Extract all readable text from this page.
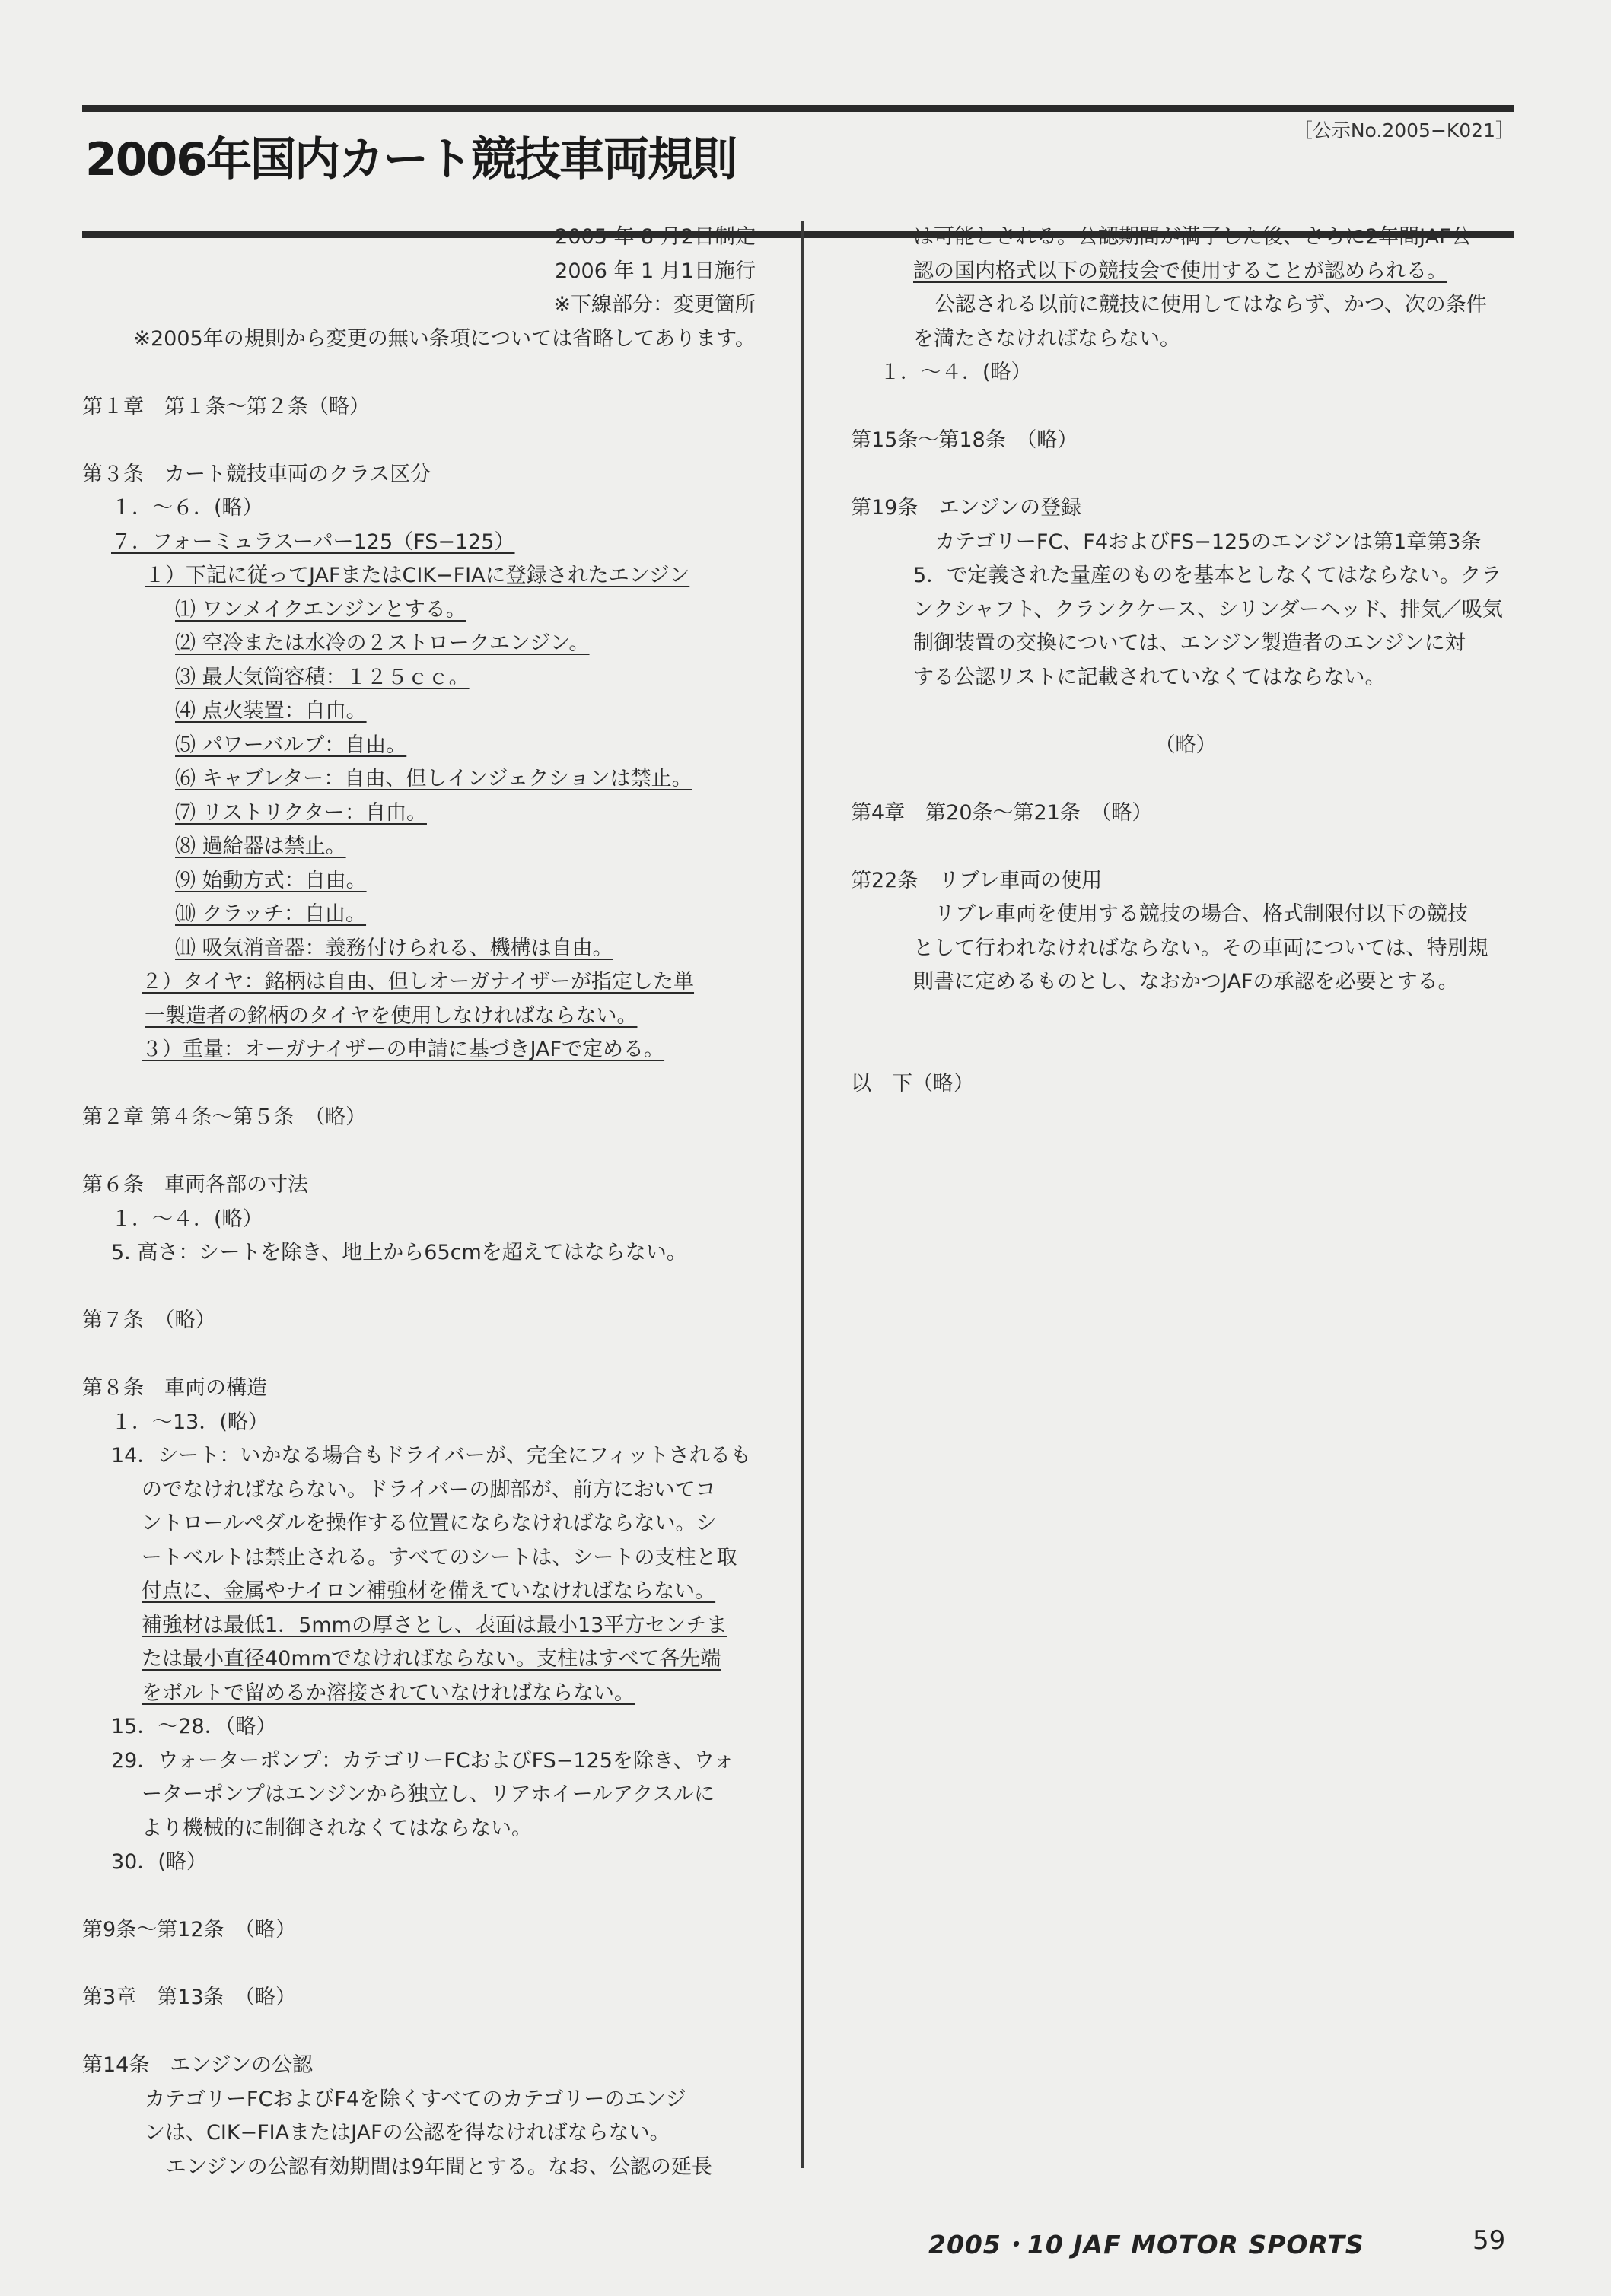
2006年国内カート競技車両規則
［公示No.2005−K021］
2005 年 8 月2日制定
2006 年 1 月1日施行
※下線部分：変更箇所
※2005年の規則から変更の無い条項については省略してあります。
第１章　第１条〜第２条（略）
第３条　カート競技車両のクラス区分
１．〜６．(略）
７．フォーミュラスーパー125（FS−125）
１）下記に従ってJAFまたはCIK−FIAに登録されたエンジン
⑴ ワンメイクエンジンとする。
⑵ 空冷または水冷の２ストロークエンジン。
⑶ 最大気筒容積：１２５ｃｃ。
⑷ 点火装置：自由。
⑸ パワーバルブ：自由。
⑹ キャブレター：自由、但しインジェクションは禁止。
⑺ リストリクター：自由。
⑻ 過給器は禁止。
⑼ 始動方式：自由。
⑽ クラッチ：自由。
⑾ 吸気消音器：義務付けられる、機構は自由。
２）タイヤ：銘柄は自由、但しオーガナイザーが指定した単
一製造者の銘柄のタイヤを使用しなければならない。
３）重量：オーガナイザーの申請に基づきJAFで定める。
第２章 第４条〜第５条　（略）
第６条　車両各部の寸法
１．〜４．(略）
5. 高さ：シートを除き、地上から65cmを超えてはならない。
第７条　（略）
第８条　車両の構造
１．〜13．(略）
14．シート：いかなる場合もドライバーが、完全にフィットされるも
のでなければならない。ドライバーの脚部が、前方においてコ
ントロールペダルを操作する位置にならなければならない。シ
ートベルトは禁止される。すべてのシートは、シートの支柱と取
付点に、金属やナイロン補強材を備えていなければならない。
補強材は最低1．5mmの厚さとし、表面は最小13平方センチま
たは最小直径40mmでなければならない。支柱はすべて各先端
をボルトで留めるか溶接されていなければならない。
15．〜28．（略）
29．ウォーターポンプ：カテゴリーFCおよびFS−125を除き、ウォ
ーターポンプはエンジンから独立し、リアホイールアクスルに
より機械的に制御されなくてはならない。
30．(略）
第9条〜第12条　（略）
第3章　第13条　（略）
第14条　エンジンの公認
カテゴリーFCおよびF4を除くすべてのカテゴリーのエンジ
ンは、CIK−FIAまたはJAFの公認を得なければならない。
エンジンの公認有効期間は9年間とする。なお、公認の延長
は可能とされる。公認期間が満了した後、さらに2年間JAF公
認の国内格式以下の競技会で使用することが認められる。
公認される以前に競技に使用してはならず、かつ、次の条件
を満たさなければならない。
１．〜４．(略）
第15条〜第18条　（略）
第19条　エンジンの登録
カテゴリーFC、F4およびFS−125のエンジンは第1章第3条
5．で定義された量産のものを基本としなくてはならない。クラ
ンクシャフト、クランクケース、シリンダーヘッド、排気／吸気
制御装置の交換については、エンジン製造者のエンジンに対
する公認リストに記載されていなくてはならない。
（略）
第4章　第20条〜第21条　（略）
第22条　リブレ車両の使用
リブレ車両を使用する競技の場合、格式制限付以下の競技
として行われなければならない。その車両については、特別規
則書に定めるものとし、なおかつJAFの承認を必要とする。
以　下（略）
2005・10 JAF MOTOR SPORTS	59
